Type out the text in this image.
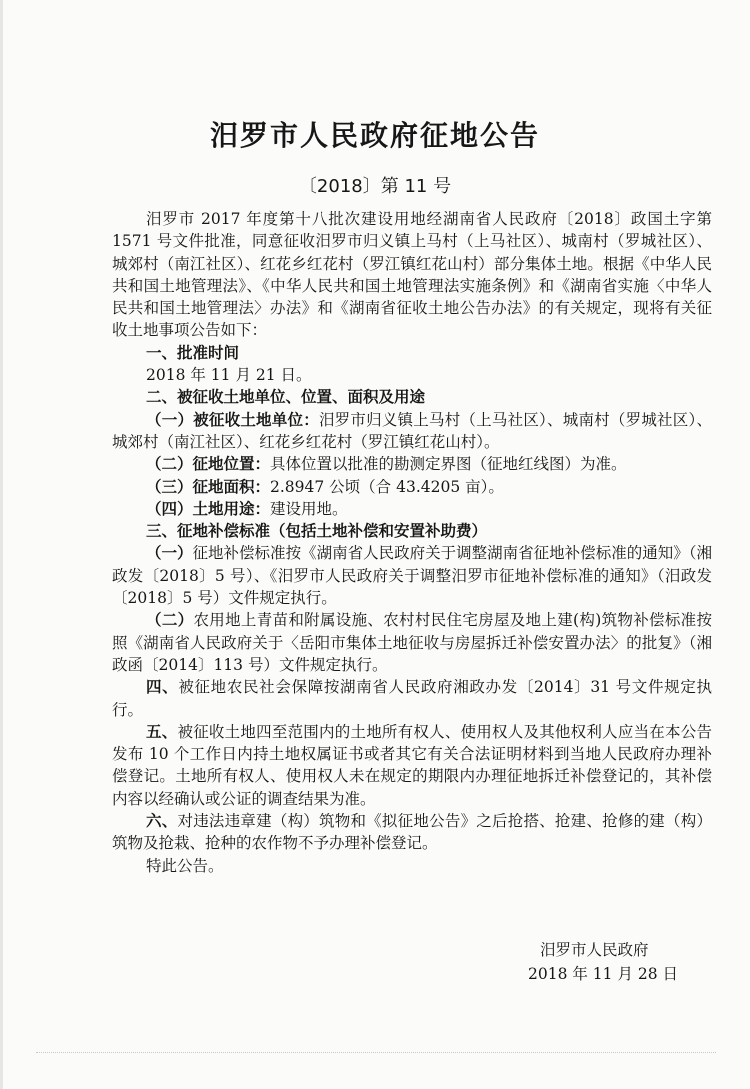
汨罗市人民政府征地公告
〔2018〕第 11 号

汨罗市 2017 年度第十八批次建设用地经湖南省人民政府〔2018〕政国土字第 1571 号文件批准，同意征收汨罗市归义镇上马村（上马社区）、城南村（罗城社区）、城郊村（南江社区）、红花乡红花村（罗江镇红花山村）部分集体土地。根据《中华人民共和国土地管理法》、《中华人民共和国土地管理法实施条例》和《湖南省实施〈中华人民共和国土地管理法〉办法》和《湖南省征收土地公告办法》的有关规定，现将有关征收土地事项公告如下：

一、批准时间

2018 年 11 月 21 日。

二、被征收土地单位、位置、面积及用途

（一）被征收土地单位：汨罗市归义镇上马村（上马社区）、城南村（罗城社区）、城郊村（南江社区）、红花乡红花村（罗江镇红花山村）。

（二）征地位置：具体位置以批准的勘测定界图（征地红线图）为准。

（三）征地面积：2.8947 公顷（合 43.4205 亩）。

（四）土地用途：建设用地。

三、征地补偿标准（包括土地补偿和安置补助费）

（一）征地补偿标准按《湖南省人民政府关于调整湖南省征地补偿标准的通知》（湘政发〔2018〕5 号）、《汨罗市人民政府关于调整汨罗市征地补偿标准的通知》（汨政发〔2018〕5 号）文件规定执行。

（二）农用地上青苗和附属设施、农村村民住宅房屋及地上建(构)筑物补偿标准按照《湖南省人民政府关于〈岳阳市集体土地征收与房屋拆迁补偿安置办法〉的批复》（湘政函〔2014〕113 号）文件规定执行。

四、被征地农民社会保障按湖南省人民政府湘政办发〔2014〕31 号文件规定执行。

五、被征收土地四至范围内的土地所有权人、使用权人及其他权利人应当在本公告发布 10 个工作日内持土地权属证书或者其它有关合法证明材料到当地人民政府办理补偿登记。土地所有权人、使用权人未在规定的期限内办理征地拆迁补偿登记的，其补偿内容以经确认或公证的调查结果为准。

六、对违法违章建（构）筑物和《拟征地公告》之后抢搭、抢建、抢修的建（构）筑物及抢栽、抢种的农作物不予办理补偿登记。

特此公告。

汨罗市人民政府
2018 年 11 月 28 日
